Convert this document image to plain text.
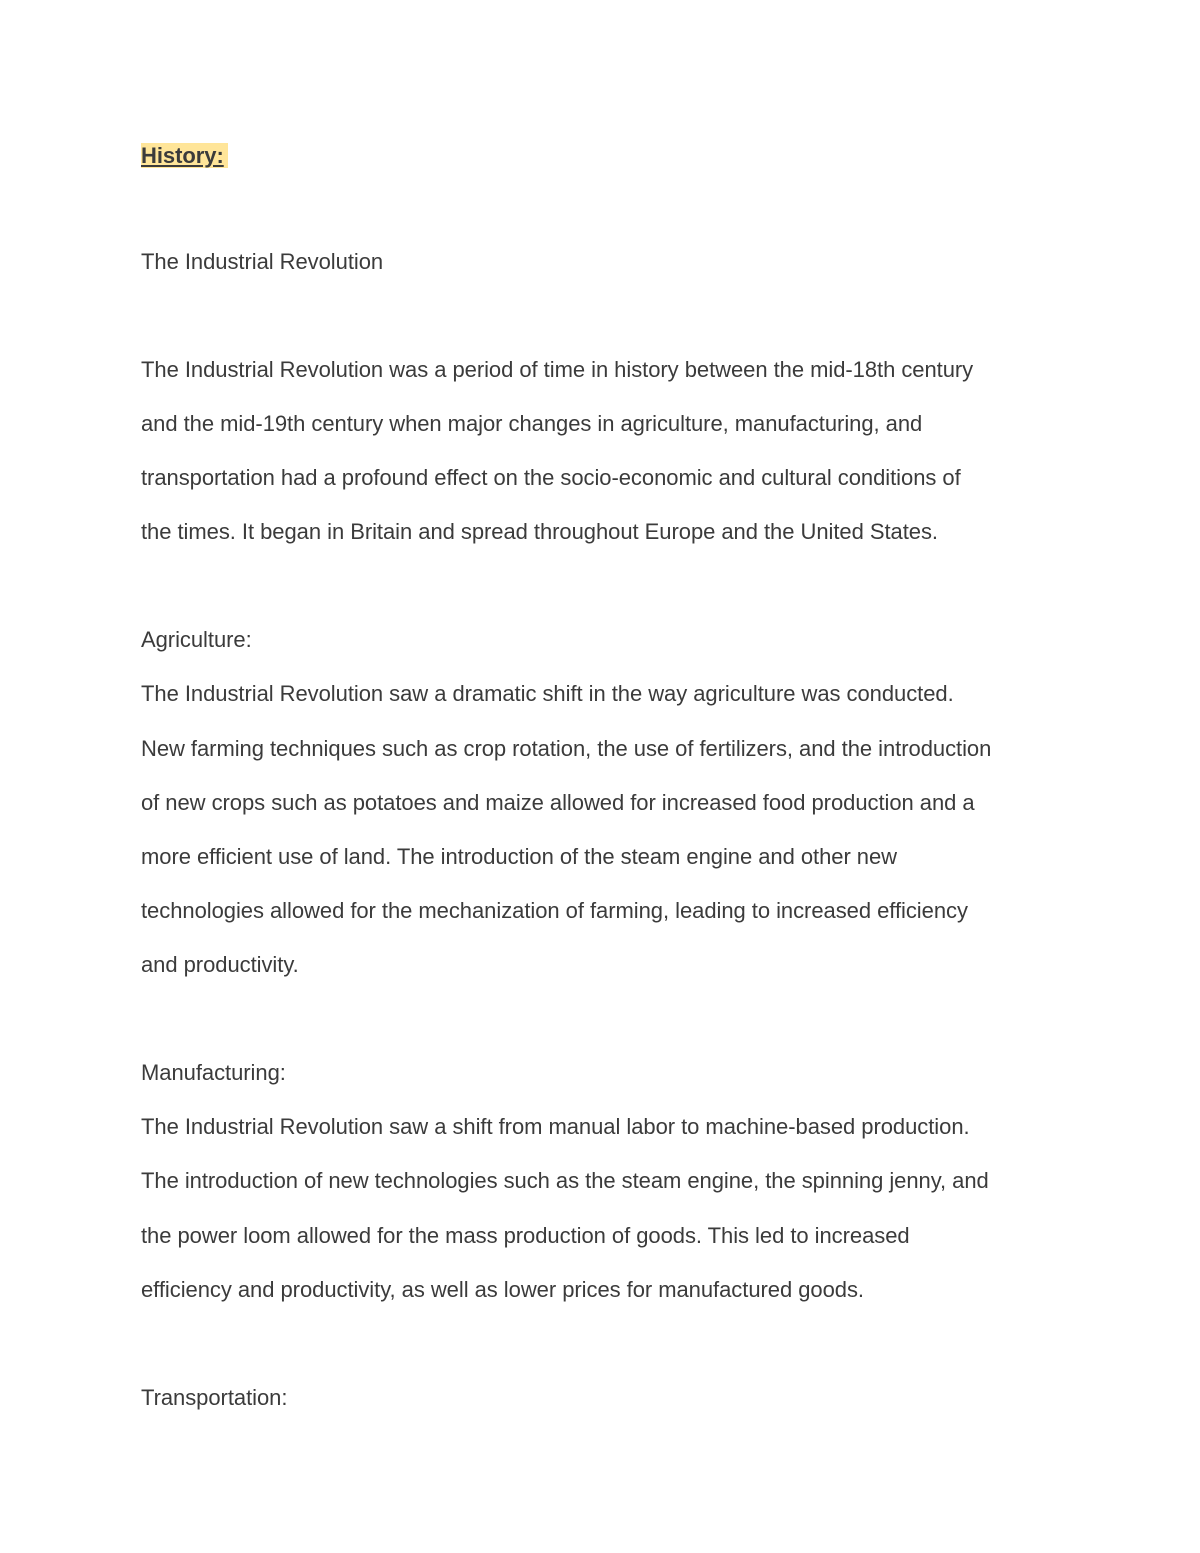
History:
The Industrial Revolution
The Industrial Revolution was a period of time in history between the mid-18th century
and the mid-19th century when major changes in agriculture, manufacturing, and
transportation had a profound effect on the socio-economic and cultural conditions of
the times. It began in Britain and spread throughout Europe and the United States.
Agriculture:
The Industrial Revolution saw a dramatic shift in the way agriculture was conducted.
New farming techniques such as crop rotation, the use of fertilizers, and the introduction
of new crops such as potatoes and maize allowed for increased food production and a
more efficient use of land. The introduction of the steam engine and other new
technologies allowed for the mechanization of farming, leading to increased efficiency
and productivity.
Manufacturing:
The Industrial Revolution saw a shift from manual labor to machine-based production.
The introduction of new technologies such as the steam engine, the spinning jenny, and
the power loom allowed for the mass production of goods. This led to increased
efficiency and productivity, as well as lower prices for manufactured goods.
Transportation:
